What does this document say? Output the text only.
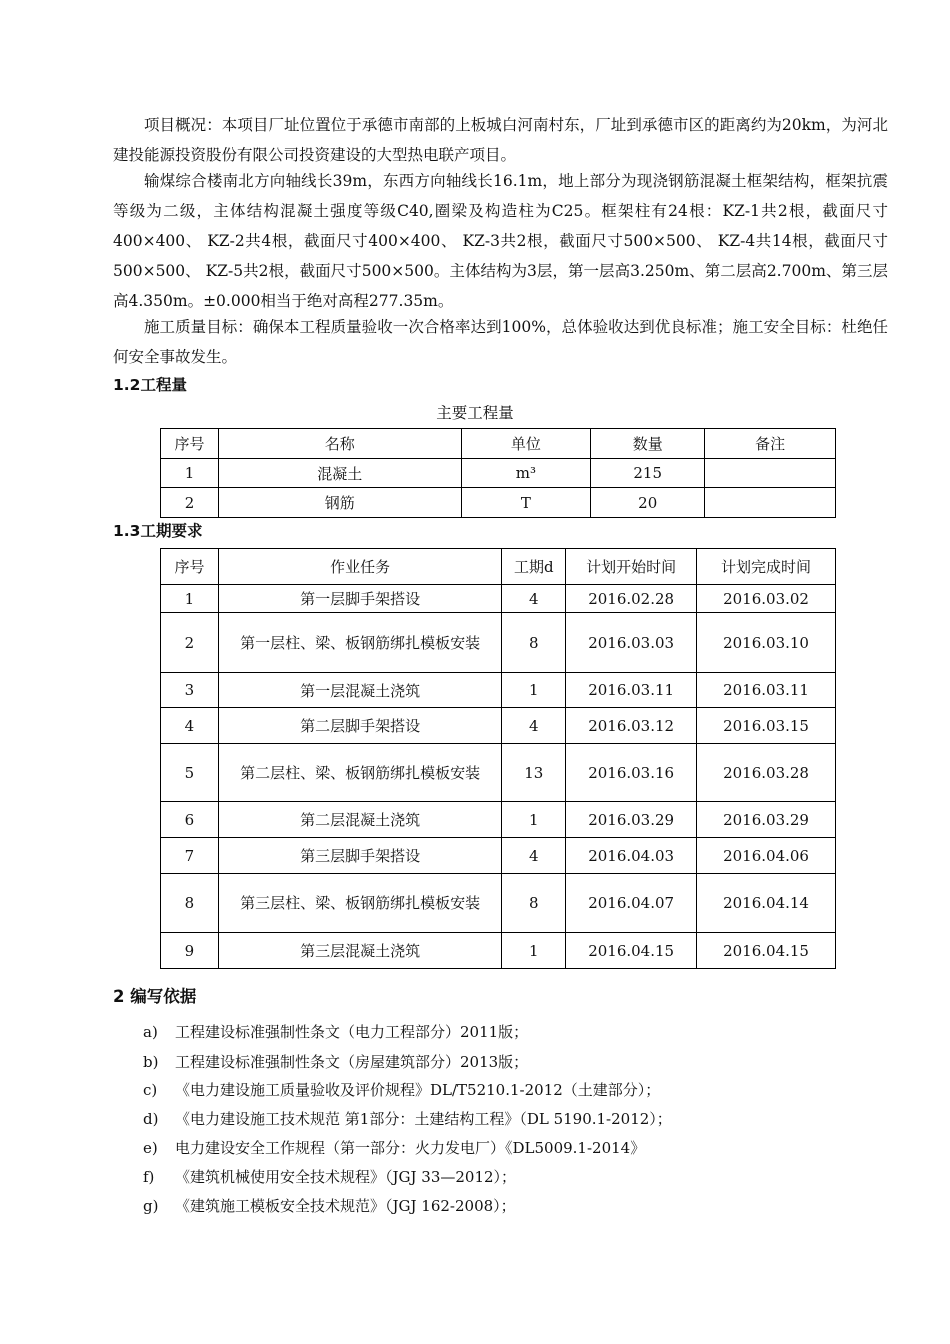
项目概况：本项目厂址位置位于承德市南部的上板城白河南村东，厂址到承德市区的距离约为20km，为河北建投能源投资股份有限公司投资建设的大型热电联产项目。

输煤综合楼南北方向轴线长39m，东西方向轴线长16.1m，地上部分为现浇钢筋混凝土框架结构，框架抗震等级为二级，主体结构混凝土强度等级C40,圈梁及构造柱为C25。框架柱有24根：KZ-1共2根，截面尺寸400×400、 KZ-2共4根，截面尺寸400×400、 KZ-3共2根，截面尺寸500×500、 KZ-4共14根，截面尺寸500×500、 KZ-5共2根，截面尺寸500×500。主体结构为3层，第一层高3.250m、第二层高2.700m、第三层高4.350m。±0.000相当于绝对高程277.35m。

施工质量目标：确保本工程质量验收一次合格率达到100%，总体验收达到优良标准；施工安全目标：杜绝任何安全事故发生。

1.2工程量

主要工程量

序号	名称	单位	数量	备注
1	混凝土	m³	215	
2	钢筋	T	20	

1.3工期要求

序号	作业任务	工期d	计划开始时间	计划完成时间
1	第一层脚手架搭设	4	2016.02.28	2016.03.02
2	第一层柱、梁、板钢筋绑扎模板安装	8	2016.03.03	2016.03.10
3	第一层混凝土浇筑	1	2016.03.11	2016.03.11
4	第二层脚手架搭设	4	2016.03.12	2016.03.15
5	第二层柱、梁、板钢筋绑扎模板安装	13	2016.03.16	2016.03.28
6	第二层混凝土浇筑	1	2016.03.29	2016.03.29
7	第三层脚手架搭设	4	2016.04.03	2016.04.06
8	第三层柱、梁、板钢筋绑扎模板安装	8	2016.04.07	2016.04.14
9	第三层混凝土浇筑	1	2016.04.15	2016.04.15

2 编写依据

a) 工程建设标准强制性条文（电力工程部分）2011版；

b) 工程建设标准强制性条文（房屋建筑部分）2013版；

c) 《电力建设施工质量验收及评价规程》DL/T5210.1-2012（土建部分）；

d) 《电力建设施工技术规范 第1部分：土建结构工程》（DL 5190.1-2012）；

e) 电力建设安全工作规程（第一部分：火力发电厂）《DL5009.1-2014》

f) 《建筑机械使用安全技术规程》（JGJ 33—2012）；

g) 《建筑施工模板安全技术规范》（JGJ 162-2008）；
